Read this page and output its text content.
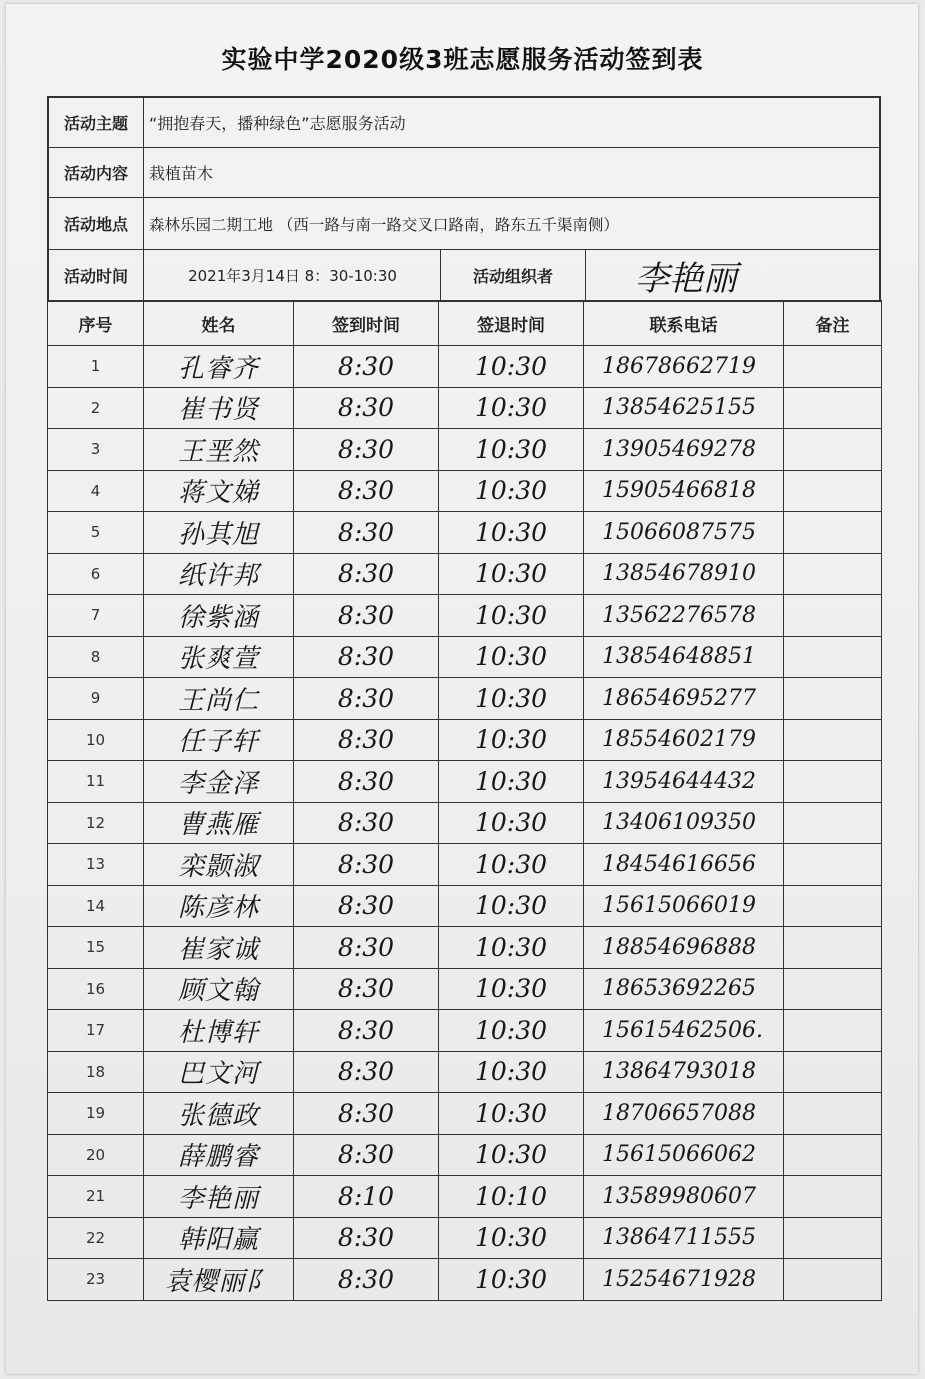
实验中学2020级3班志愿服务活动签到表
活动主题	“拥抱春天，播种绿色”志愿服务活动
活动内容	栽植苗木
活动地点	森林乐园二期工地 （西一路与南一路交叉口路南，路东五千渠南侧）
活动时间	2021年3月14日 8：30-10:30	活动组织者	李艳丽
序号	姓名	签到时间	签退时间	联系电话	备注
1	孔睿齐	8:30	10:30	18678662719	
2	崔书贤	8:30	10:30	13854625155	
3	王垩然	8:30	10:30	13905469278	
4	蒋文娣	8:30	10:30	15905466818	
5	孙其旭	8:30	10:30	15066087575	
6	纸许邦	8:30	10:30	13854678910	
7	徐紫涵	8:30	10:30	13562276578	
8	张爽萱	8:30	10:30	13854648851	
9	王尚仁	8:30	10:30	18654695277	
10	任子轩	8:30	10:30	18554602179	
11	李金泽	8:30	10:30	13954644432	
12	曹燕雁	8:30	10:30	13406109350	
13	栾颢淑	8:30	10:30	18454616656	
14	陈彦林	8:30	10:30	15615066019	
15	崔家诚	8:30	10:30	18854696888	
16	顾文翰	8:30	10:30	18653692265	
17	杜博轩	8:30	10:30	15615462506.	
18	巴文河	8:30	10:30	13864793018	
19	张德政	8:30	10:30	18706657088	
20	薛鹏睿	8:30	10:30	15615066062	
21	李艳丽	8:10	10:10	13589980607	
22	韩阳赢	8:30	10:30	13864711555	
23	袁樱丽阝	8:30	10:30	15254671928	
